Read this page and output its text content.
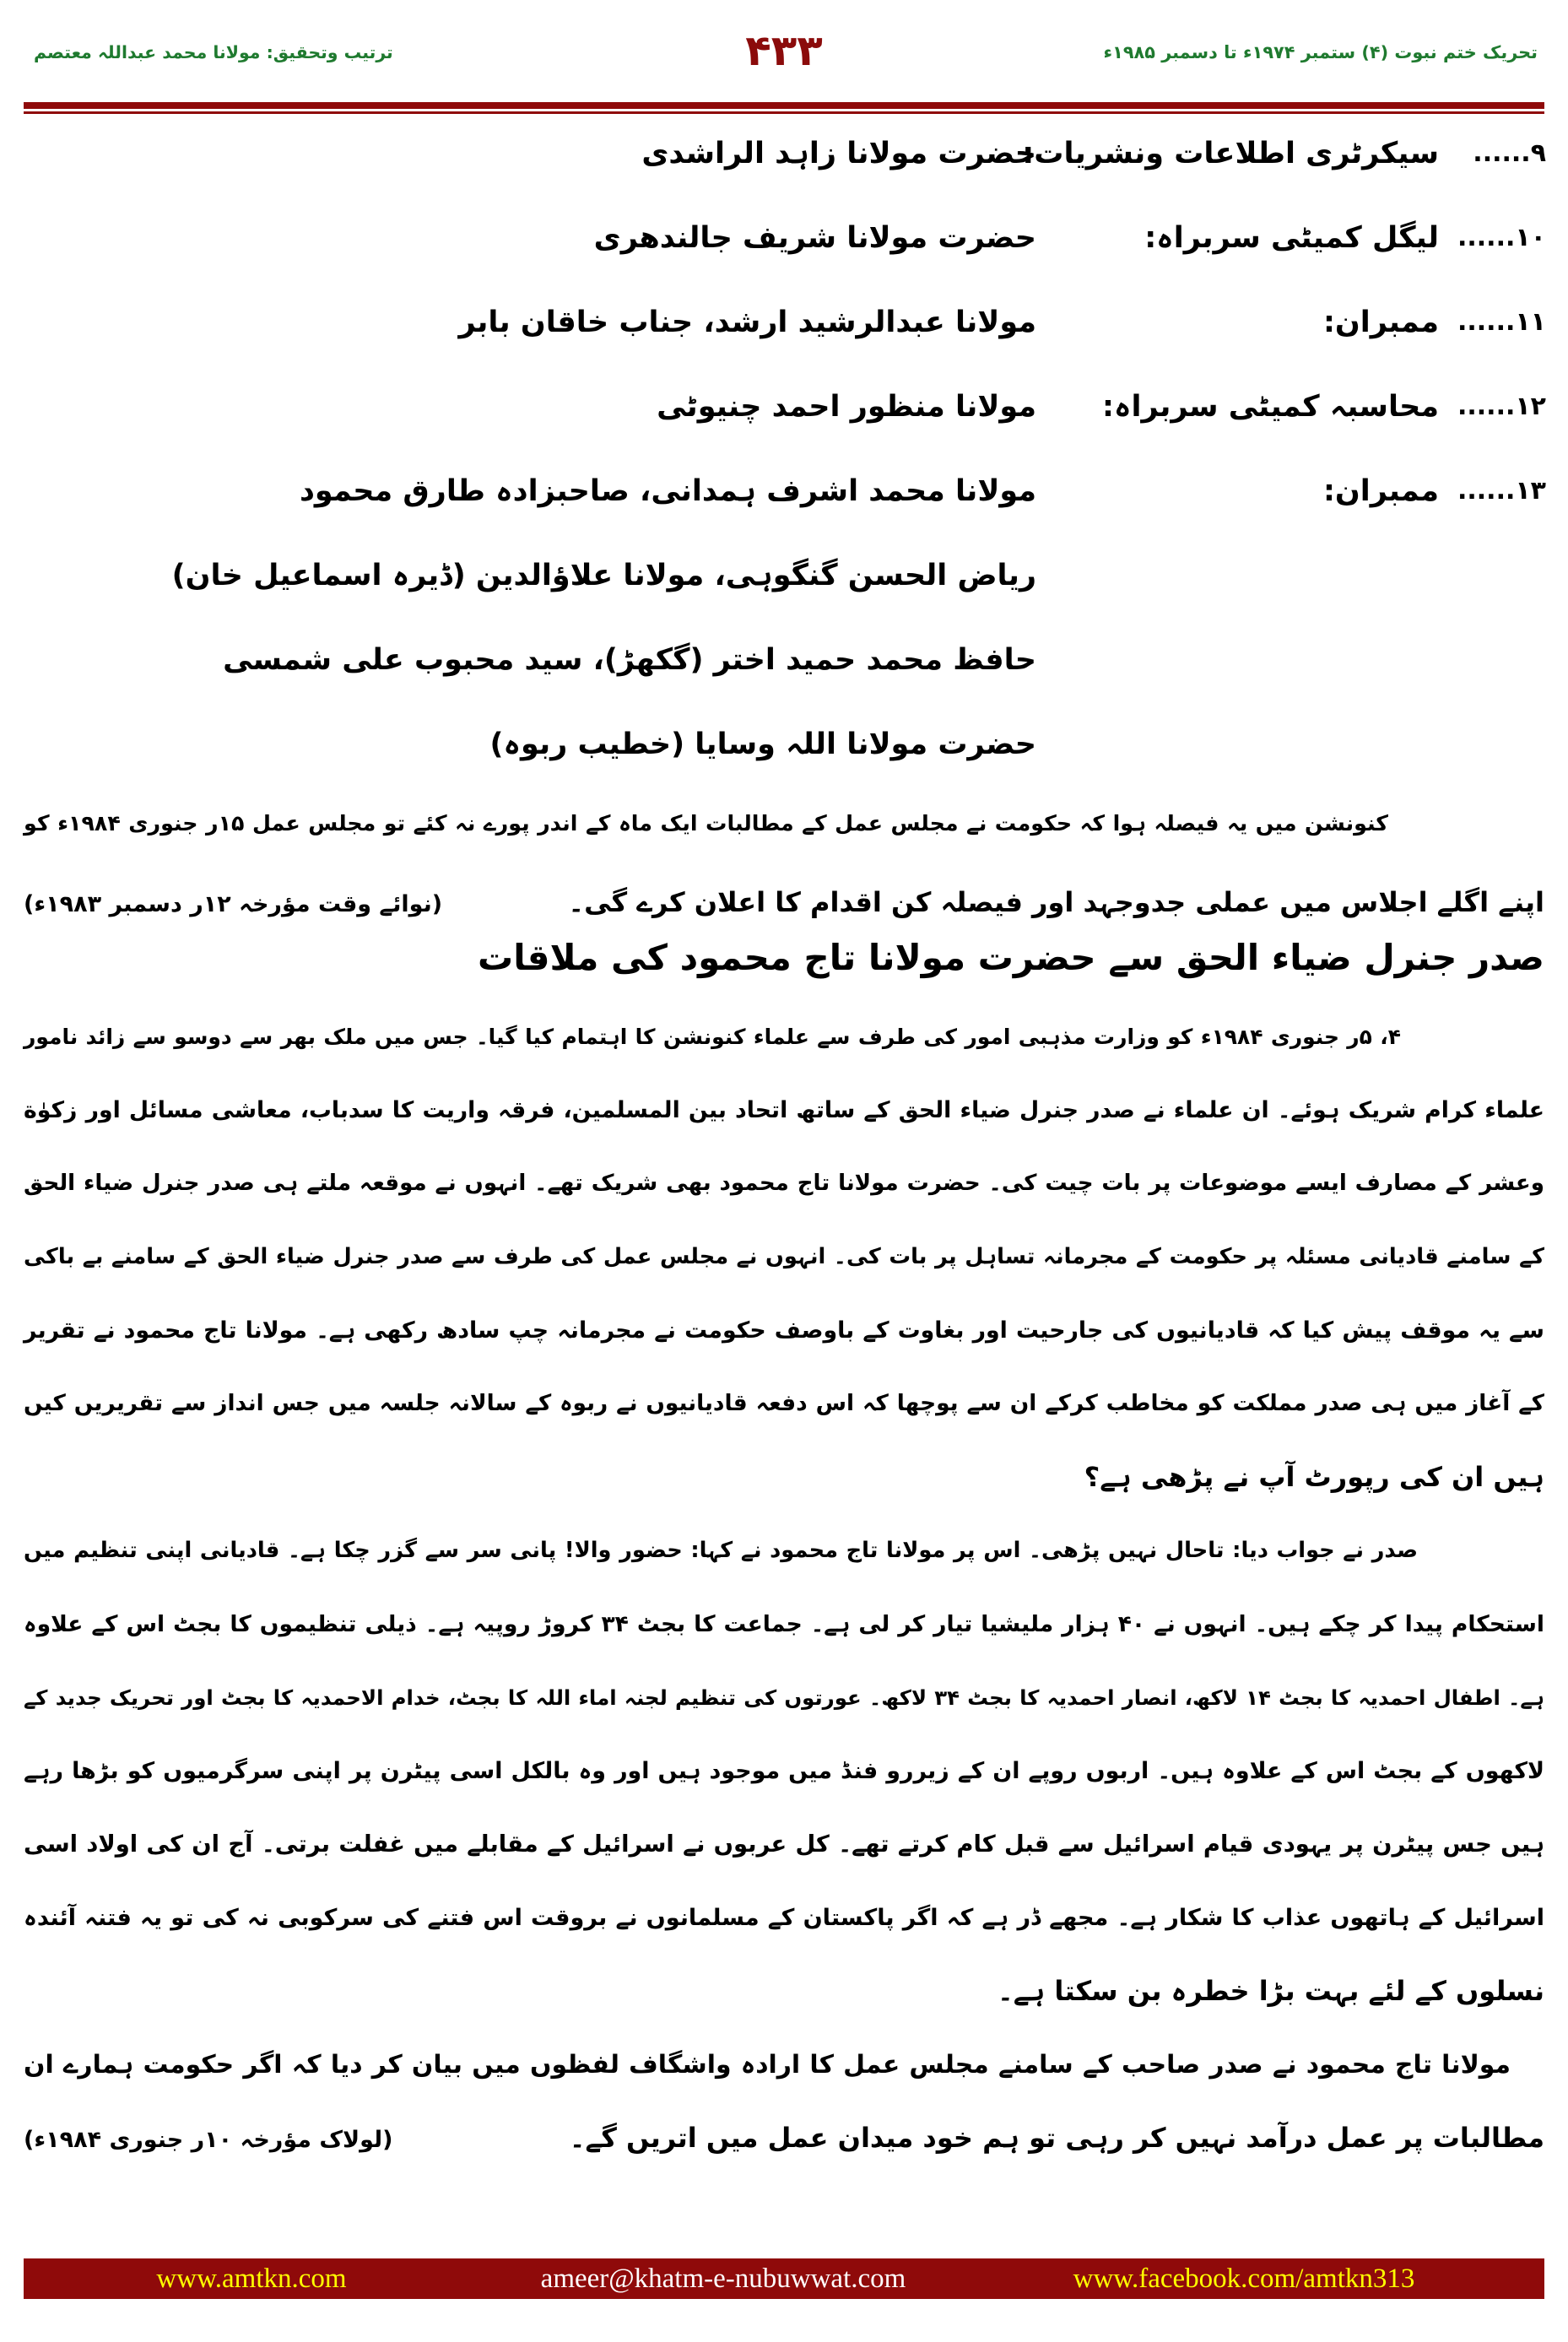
تحریک ختم نبوت (۴) ستمبر ۱۹۷۴ء تا دسمبر ۱۹۸۵ء
۴۳۳
ترتیب وتحقیق: مولانا محمد عبداللہ معتصم
۹......
سیکرٹری اطلاعات ونشریات:
حضرت مولانا زاہد الراشدی
۱۰......
لیگل کمیٹی سربراہ:
حضرت مولانا شریف جالندھری
۱۱......
ممبران:
مولانا عبدالرشید ارشد، جناب خاقان بابر
۱۲......
محاسبہ کمیٹی سربراہ:
مولانا منظور احمد چنیوٹی
۱۳......
ممبران:
مولانا محمد اشرف ہمدانی، صاحبزادہ طارق محمود
ریاض الحسن گنگوہی، مولانا علاؤالدین (ڈیرہ اسماعیل خان)
حافظ محمد حمید اختر (گکھڑ)، سید محبوب علی شمسی
حضرت مولانا اللہ وسایا (خطیب ربوہ)
کنونشن میں یہ فیصلہ ہوا کہ حکومت نے مجلس عمل کے مطالبات ایک ماہ کے اندر پورے نہ کئے تو مجلس عمل ۱۵ر جنوری ۱۹۸۴ء کو
اپنے اگلے اجلاس میں عملی جدوجہد اور فیصلہ کن اقدام کا اعلان کرے گی۔
(نوائے وقت مؤرخہ ۱۲ر دسمبر ۱۹۸۳ء)
صدر جنرل ضیاء الحق سے حضرت مولانا تاج محمود کی ملاقات
۴، ۵ر جنوری ۱۹۸۴ء کو وزارت مذہبی امور کی طرف سے علماء کنونشن کا اہتمام کیا گیا۔ جس میں ملک بھر سے دوسو سے زائد نامور
علماء کرام شریک ہوئے۔ ان علماء نے صدر جنرل ضیاء الحق کے ساتھ اتحاد بین المسلمین، فرقہ واریت کا سدباب، معاشی مسائل اور زکوٰة
وعشر کے مصارف ایسے موضوعات پر بات چیت کی۔ حضرت مولانا تاج محمود بھی شریک تھے۔ انہوں نے موقعہ ملتے ہی صدر جنرل ضیاء الحق
کے سامنے قادیانی مسئلہ پر حکومت کے مجرمانہ تساہل پر بات کی۔ انہوں نے مجلس عمل کی طرف سے صدر جنرل ضیاء الحق کے سامنے بے باکی
سے یہ موقف پیش کیا کہ قادیانیوں کی جارحیت اور بغاوت کے باوصف حکومت نے مجرمانہ چپ سادھ رکھی ہے۔ مولانا تاج محمود نے تقریر
کے آغاز میں ہی صدر مملکت کو مخاطب کرکے ان سے پوچھا کہ اس دفعہ قادیانیوں نے ربوہ کے سالانہ جلسہ میں جس انداز سے تقریریں کیں
ہیں ان کی رپورٹ آپ نے پڑھی ہے؟
صدر نے جواب دیا: تاحال نہیں پڑھی۔ اس پر مولانا تاج محمود نے کہا: حضور والا! پانی سر سے گزر چکا ہے۔ قادیانی اپنی تنظیم میں
استحکام پیدا کر چکے ہیں۔ انہوں نے ۴۰ ہزار ملیشیا تیار کر لی ہے۔ جماعت کا بجٹ ۳۴ کروڑ روپیہ ہے۔ ذیلی تنظیموں کا بجٹ اس کے علاوہ
ہے۔ اطفال احمدیہ کا بجٹ ۱۴ لاکھ، انصار احمدیہ کا بجٹ ۳۴ لاکھ۔ عورتوں کی تنظیم لجنہ اماء اللہ کا بجٹ، خدام الاحمدیہ کا بجٹ اور تحریک جدید کے
لاکھوں کے بجٹ اس کے علاوہ ہیں۔ اربوں روپے ان کے زیررو فنڈ میں موجود ہیں اور وہ بالکل اسی پیٹرن پر اپنی سرگرمیوں کو بڑھا رہے
ہیں جس پیٹرن پر یہودی قیام اسرائیل سے قبل کام کرتے تھے۔ کل عربوں نے اسرائیل کے مقابلے میں غفلت برتی۔ آج ان کی اولاد اسی
اسرائیل کے ہاتھوں عذاب کا شکار ہے۔ مجھے ڈر ہے کہ اگر پاکستان کے مسلمانوں نے بروقت اس فتنے کی سرکوبی نہ کی تو یہ فتنہ آئندہ
نسلوں کے لئے بہت بڑا خطرہ بن سکتا ہے۔
مولانا تاج محمود نے صدر صاحب کے سامنے مجلس عمل کا ارادہ واشگاف لفظوں میں بیان کر دیا کہ اگر حکومت ہمارے ان
مطالبات پر عمل درآمد نہیں کر رہی تو ہم خود میدان عمل میں اتریں گے۔
(لولاک مؤرخہ ۱۰ر جنوری ۱۹۸۴ء)
www.amtkn.com	ameer@khatm-e-nubuwwat.com	www.facebook.com/amtkn313
